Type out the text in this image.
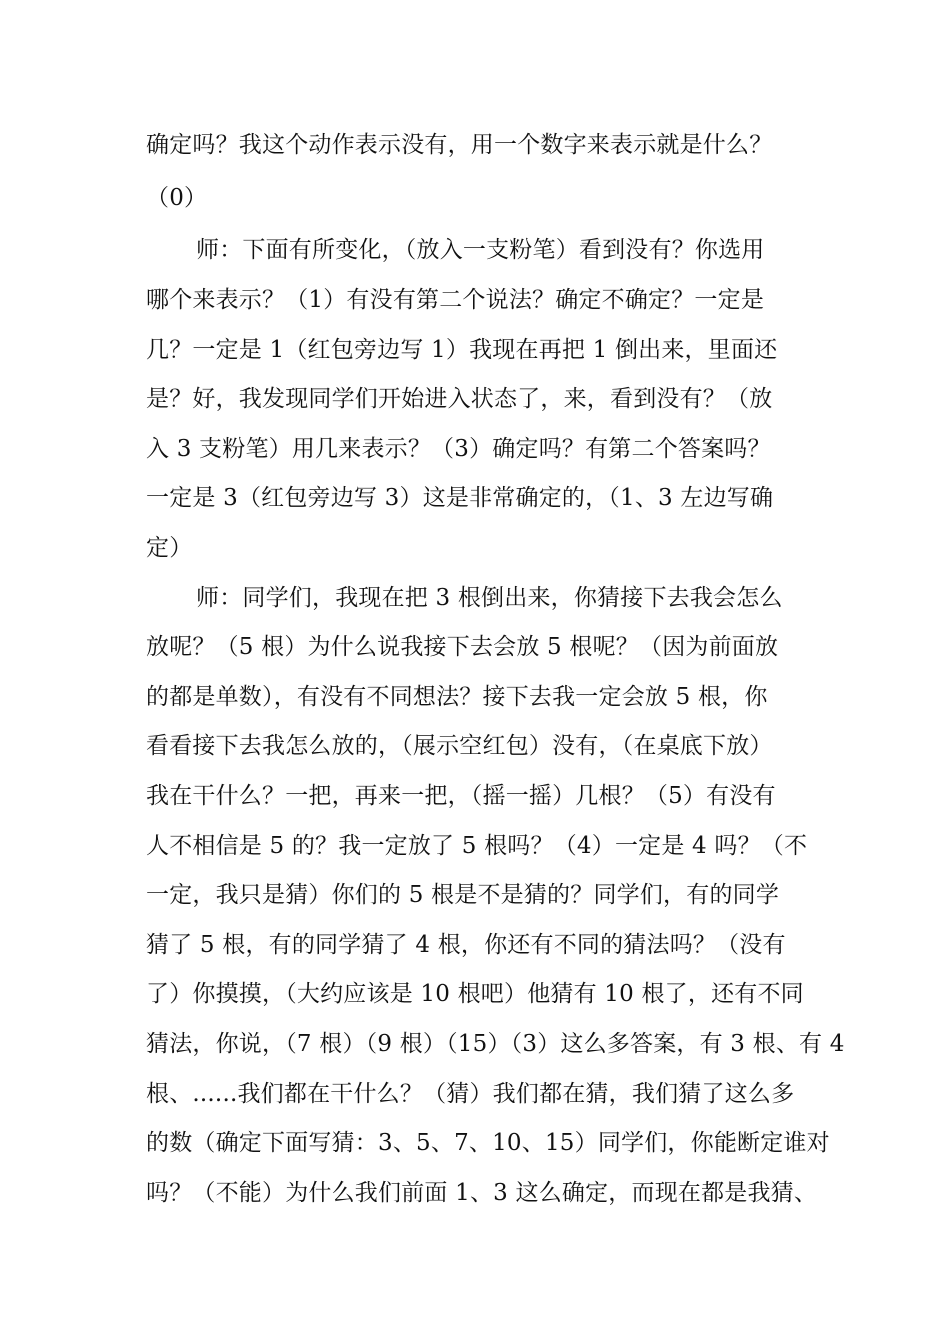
确定吗？我这个动作表示没有，用一个数字来表示就是什么？

（0）

师：下面有所变化，（放入一支粉笔）看到没有？你选用

哪个来表示？（1）有没有第二个说法？确定不确定？一定是

几？一定是 1（红包旁边写 1）我现在再把 1 倒出来，里面还

是？好，我发现同学们开始进入状态了，来，看到没有？（放

入 3 支粉笔）用几来表示？（3）确定吗？有第二个答案吗？

一定是 3（红包旁边写 3）这是非常确定的，（1、3 左边写确

定）

师：同学们，我现在把 3 根倒出来，你猜接下去我会怎么

放呢？（5 根）为什么说我接下去会放 5 根呢？（因为前面放

的都是单数），有没有不同想法？接下去我一定会放 5 根，你

看看接下去我怎么放的，（展示空红包）没有，（在桌底下放）

我在干什么？一把，再来一把，（摇一摇）几根？（5）有没有

人不相信是 5 的？我一定放了 5 根吗？（4）一定是 4 吗？（不

一定，我只是猜）你们的 5 根是不是猜的？同学们，有的同学

猜了 5 根，有的同学猜了 4 根，你还有不同的猜法吗？（没有

了）你摸摸，（大约应该是 10 根吧）他猜有 10 根了，还有不同

猜法，你说，（7 根）（9 根）（15）（3）这么多答案，有 3 根、有 4

根、......我们都在干什么？（猜）我们都在猜，我们猜了这么多

的数（确定下面写猜：3、5、7、10、15）同学们，你能断定谁对

吗？（不能）为什么我们前面 1、3 这么确定，而现在都是我猜、
